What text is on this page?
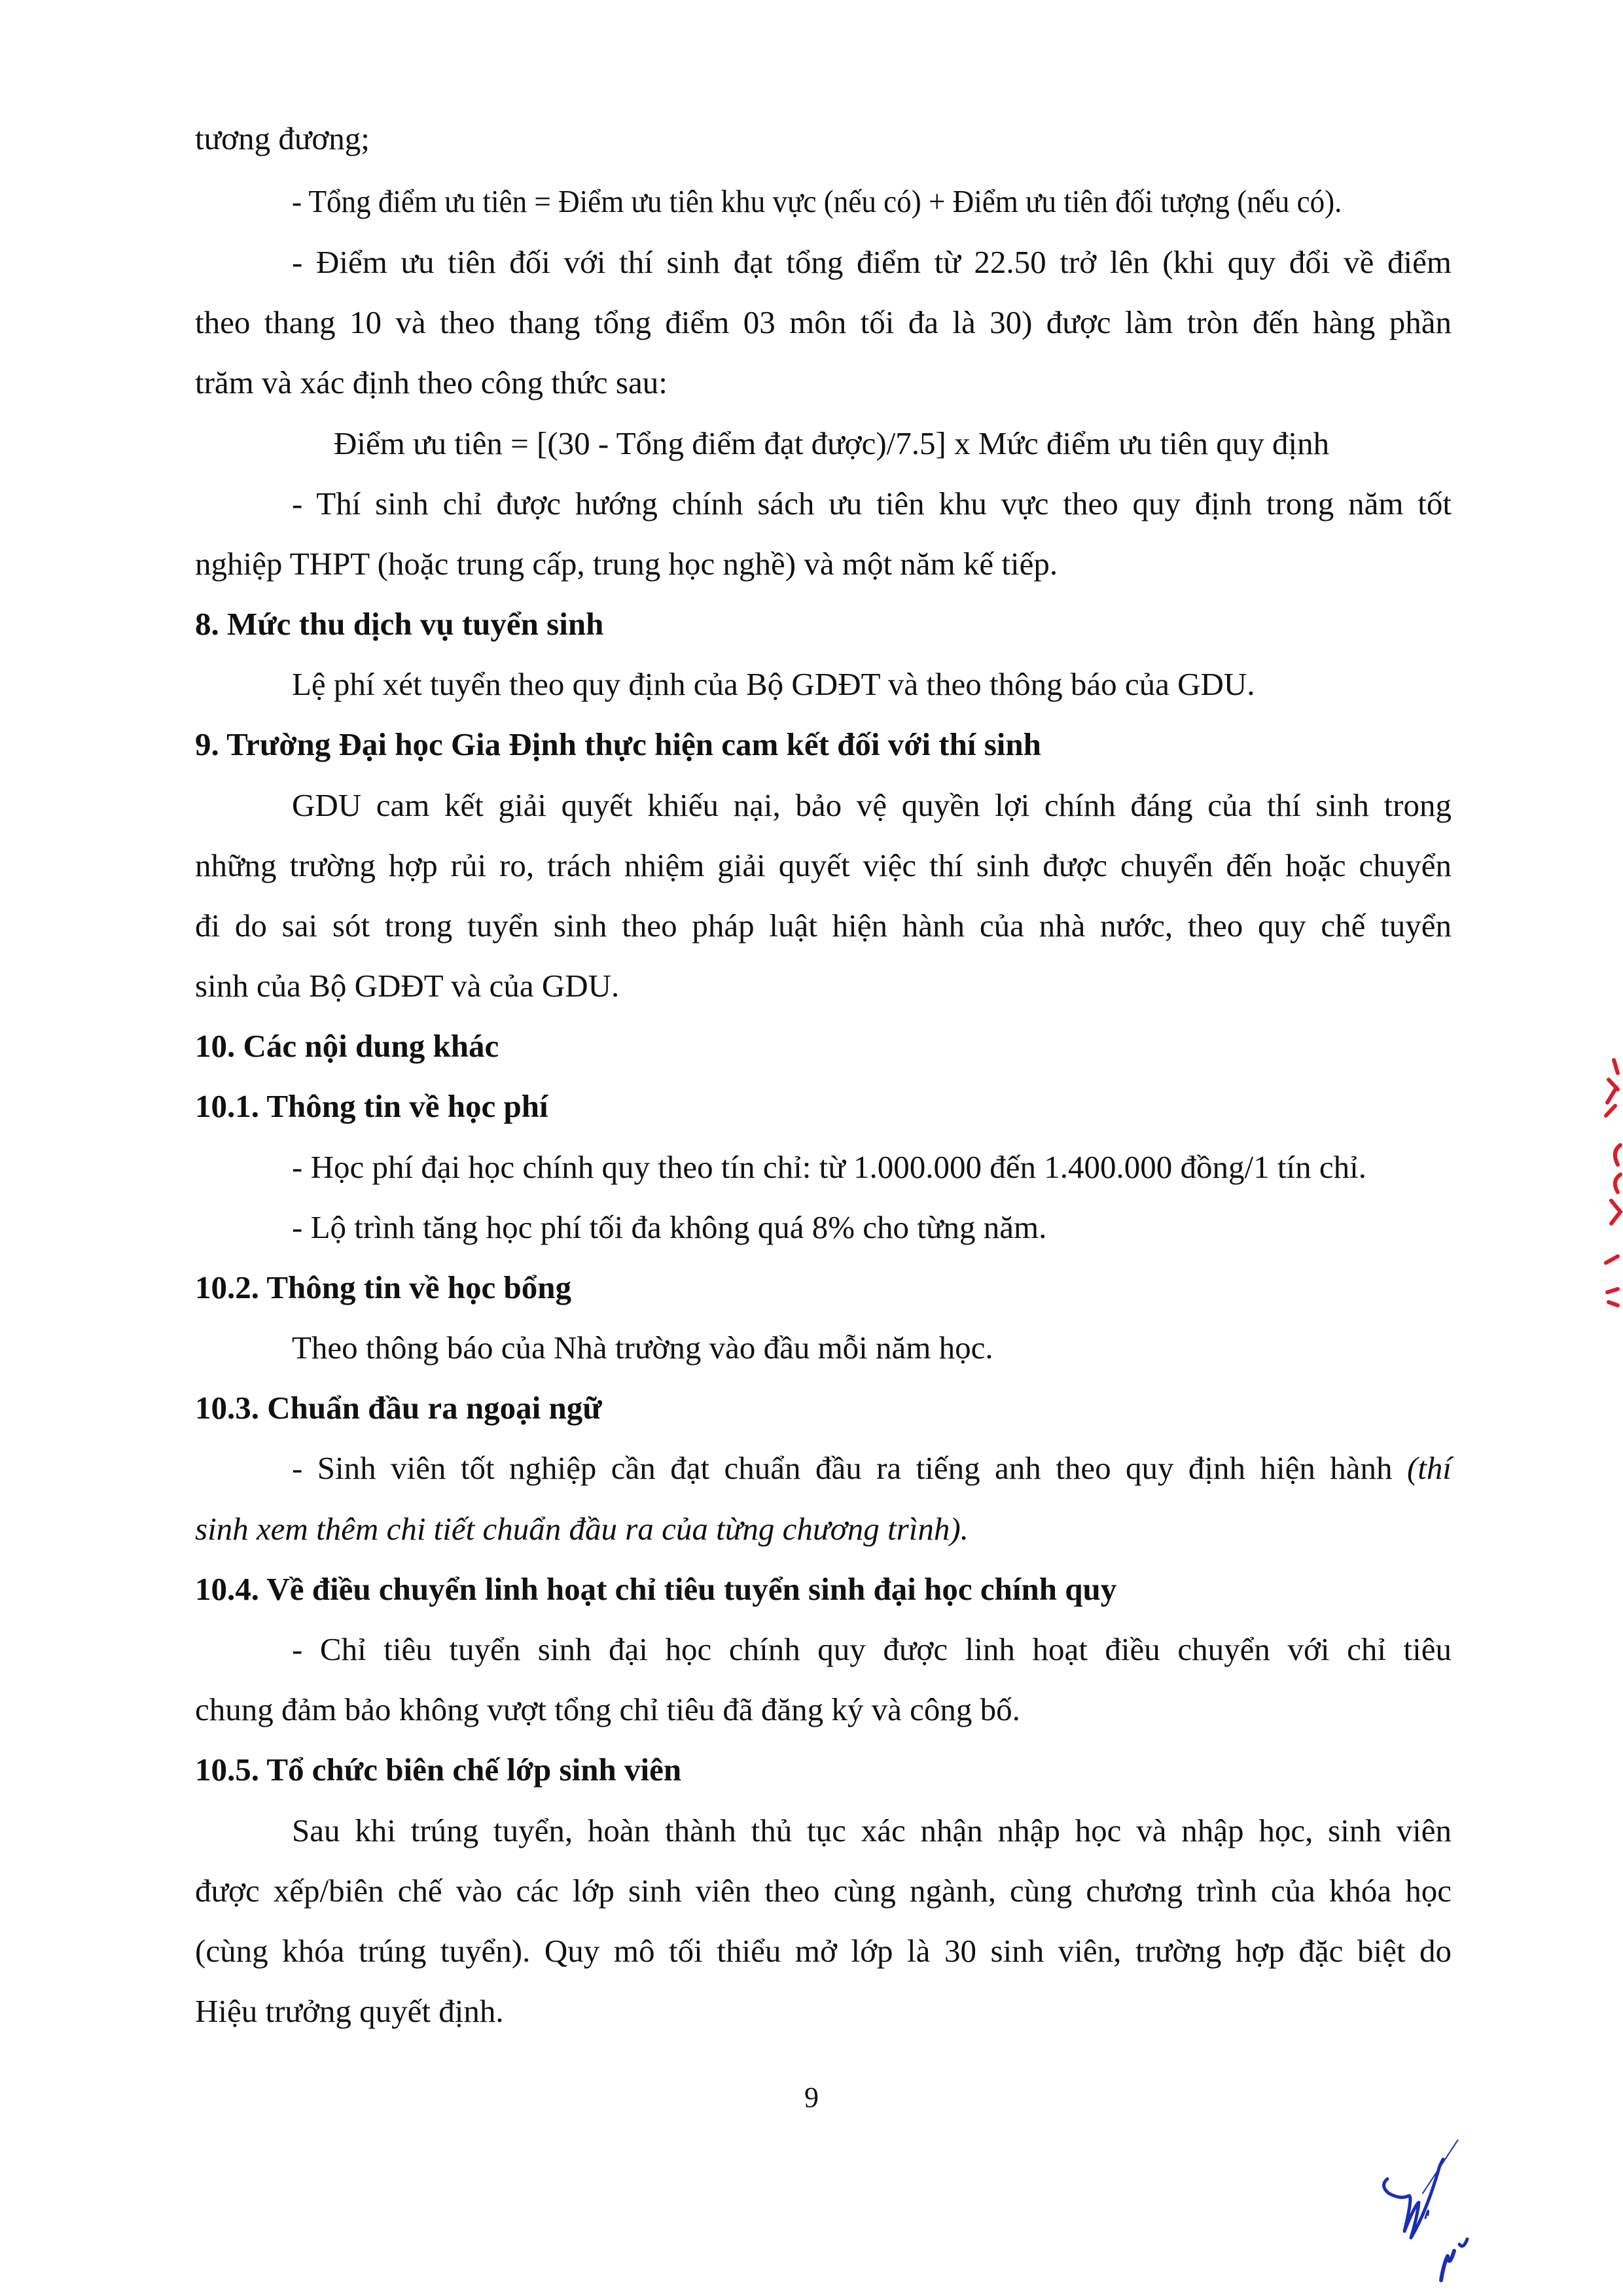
tương đương;
- Tổng điểm ưu tiên = Điểm ưu tiên khu vực (nếu có) + Điểm ưu tiên đối tượng (nếu có).
- Điểm ưu tiên đối với thí sinh đạt tổng điểm từ 22.50 trở lên (khi quy đổi về điểm
theo thang 10 và theo thang tổng điểm 03 môn tối đa là 30) được làm tròn đến hàng phần
trăm và xác định theo công thức sau:
Điểm ưu tiên = [(30 - Tổng điểm đạt được)/7.5] x Mức điểm ưu tiên quy định
- Thí sinh chỉ được hướng chính sách ưu tiên khu vực theo quy định trong năm tốt
nghiệp THPT (hoặc trung cấp, trung học nghề) và một năm kế tiếp.
8. Mức thu dịch vụ tuyển sinh
Lệ phí xét tuyển theo quy định của Bộ GDĐT và theo thông báo của GDU.
9. Trường Đại học Gia Định thực hiện cam kết đối với thí sinh
GDU cam kết giải quyết khiếu nại, bảo vệ quyền lợi chính đáng của thí sinh trong
những trường hợp rủi ro, trách nhiệm giải quyết việc thí sinh được chuyển đến hoặc chuyển
đi do sai sót trong tuyển sinh theo pháp luật hiện hành của nhà nước, theo quy chế tuyển
sinh của Bộ GDĐT và của GDU.
10. Các nội dung khác
10.1. Thông tin về học phí
- Học phí đại học chính quy theo tín chỉ: từ 1.000.000 đến 1.400.000 đồng/1 tín chỉ.
- Lộ trình tăng học phí tối đa không quá 8% cho từng năm.
10.2. Thông tin về học bổng
Theo thông báo của Nhà trường vào đầu mỗi năm học.
10.3. Chuẩn đầu ra ngoại ngữ
- Sinh viên tốt nghiệp cần đạt chuẩn đầu ra tiếng anh theo quy định hiện hành (thí
sinh xem thêm chi tiết chuẩn đầu ra của từng chương trình).
10.4. Về điều chuyển linh hoạt chỉ tiêu tuyển sinh đại học chính quy
- Chỉ tiêu tuyển sinh đại học chính quy được linh hoạt điều chuyển với chỉ tiêu
chung đảm bảo không vượt tổng chỉ tiêu đã đăng ký và công bố.
10.5. Tổ chức biên chế lớp sinh viên
Sau khi trúng tuyển, hoàn thành thủ tục xác nhận nhập học và nhập học, sinh viên
được xếp/biên chế vào các lớp sinh viên theo cùng ngành, cùng chương trình của khóa học
(cùng khóa trúng tuyển). Quy mô tối thiểu mở lớp là 30 sinh viên, trường hợp đặc biệt do
Hiệu trưởng quyết định.
9
